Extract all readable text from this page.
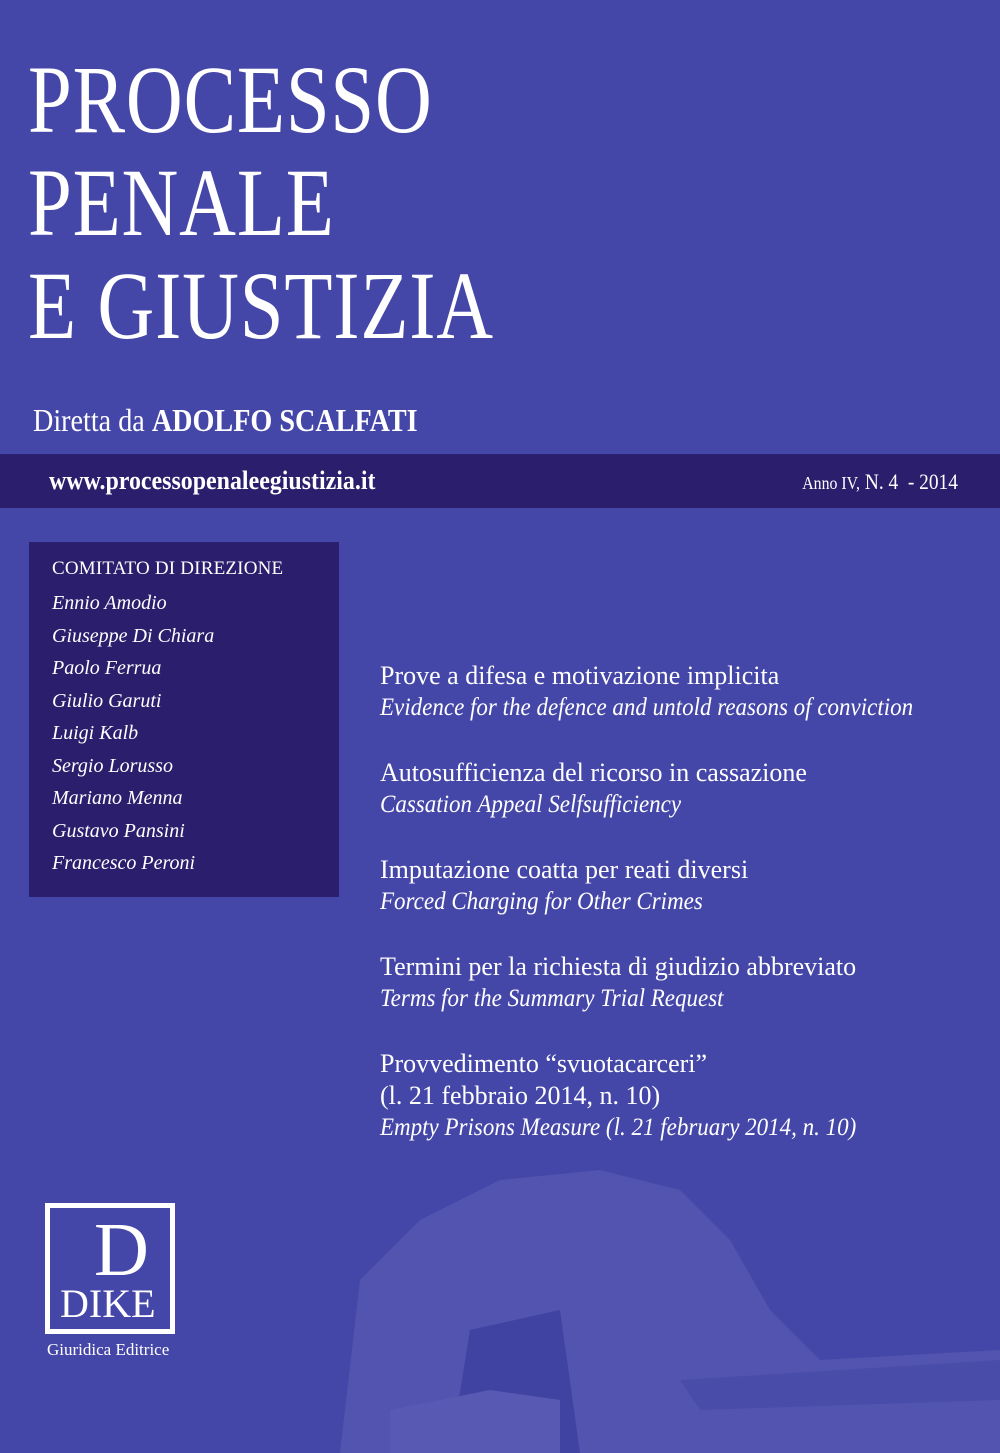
PROCESSO
PENALE
E GIUSTIZIA
Diretta da ADOLFO SCALFATI
www.processopenaleegiustizia.it	Anno IV, N. 4 - 2014
COMITATO DI DIREZIONE
Ennio Amodio
Giuseppe Di Chiara
Paolo Ferrua
Giulio Garuti
Luigi Kalb
Sergio Lorusso
Mariano Menna
Gustavo Pansini
Francesco Peroni
Prove a difesa e motivazione implicita
Evidence for the defence and untold reasons of conviction
Autosufficienza del ricorso in cassazione
Cassation Appeal Selfsufficiency
Imputazione coatta per reati diversi
Forced Charging for Other Crimes
Termini per la richiesta di giudizio abbreviato
Terms for the Summary Trial Request
Provvedimento “svuotacarceri”
(l. 21 febbraio 2014, n. 10)
Empty Prisons Measure (l. 21 february 2014, n. 10)
D
DIKE
Giuridica Editrice
